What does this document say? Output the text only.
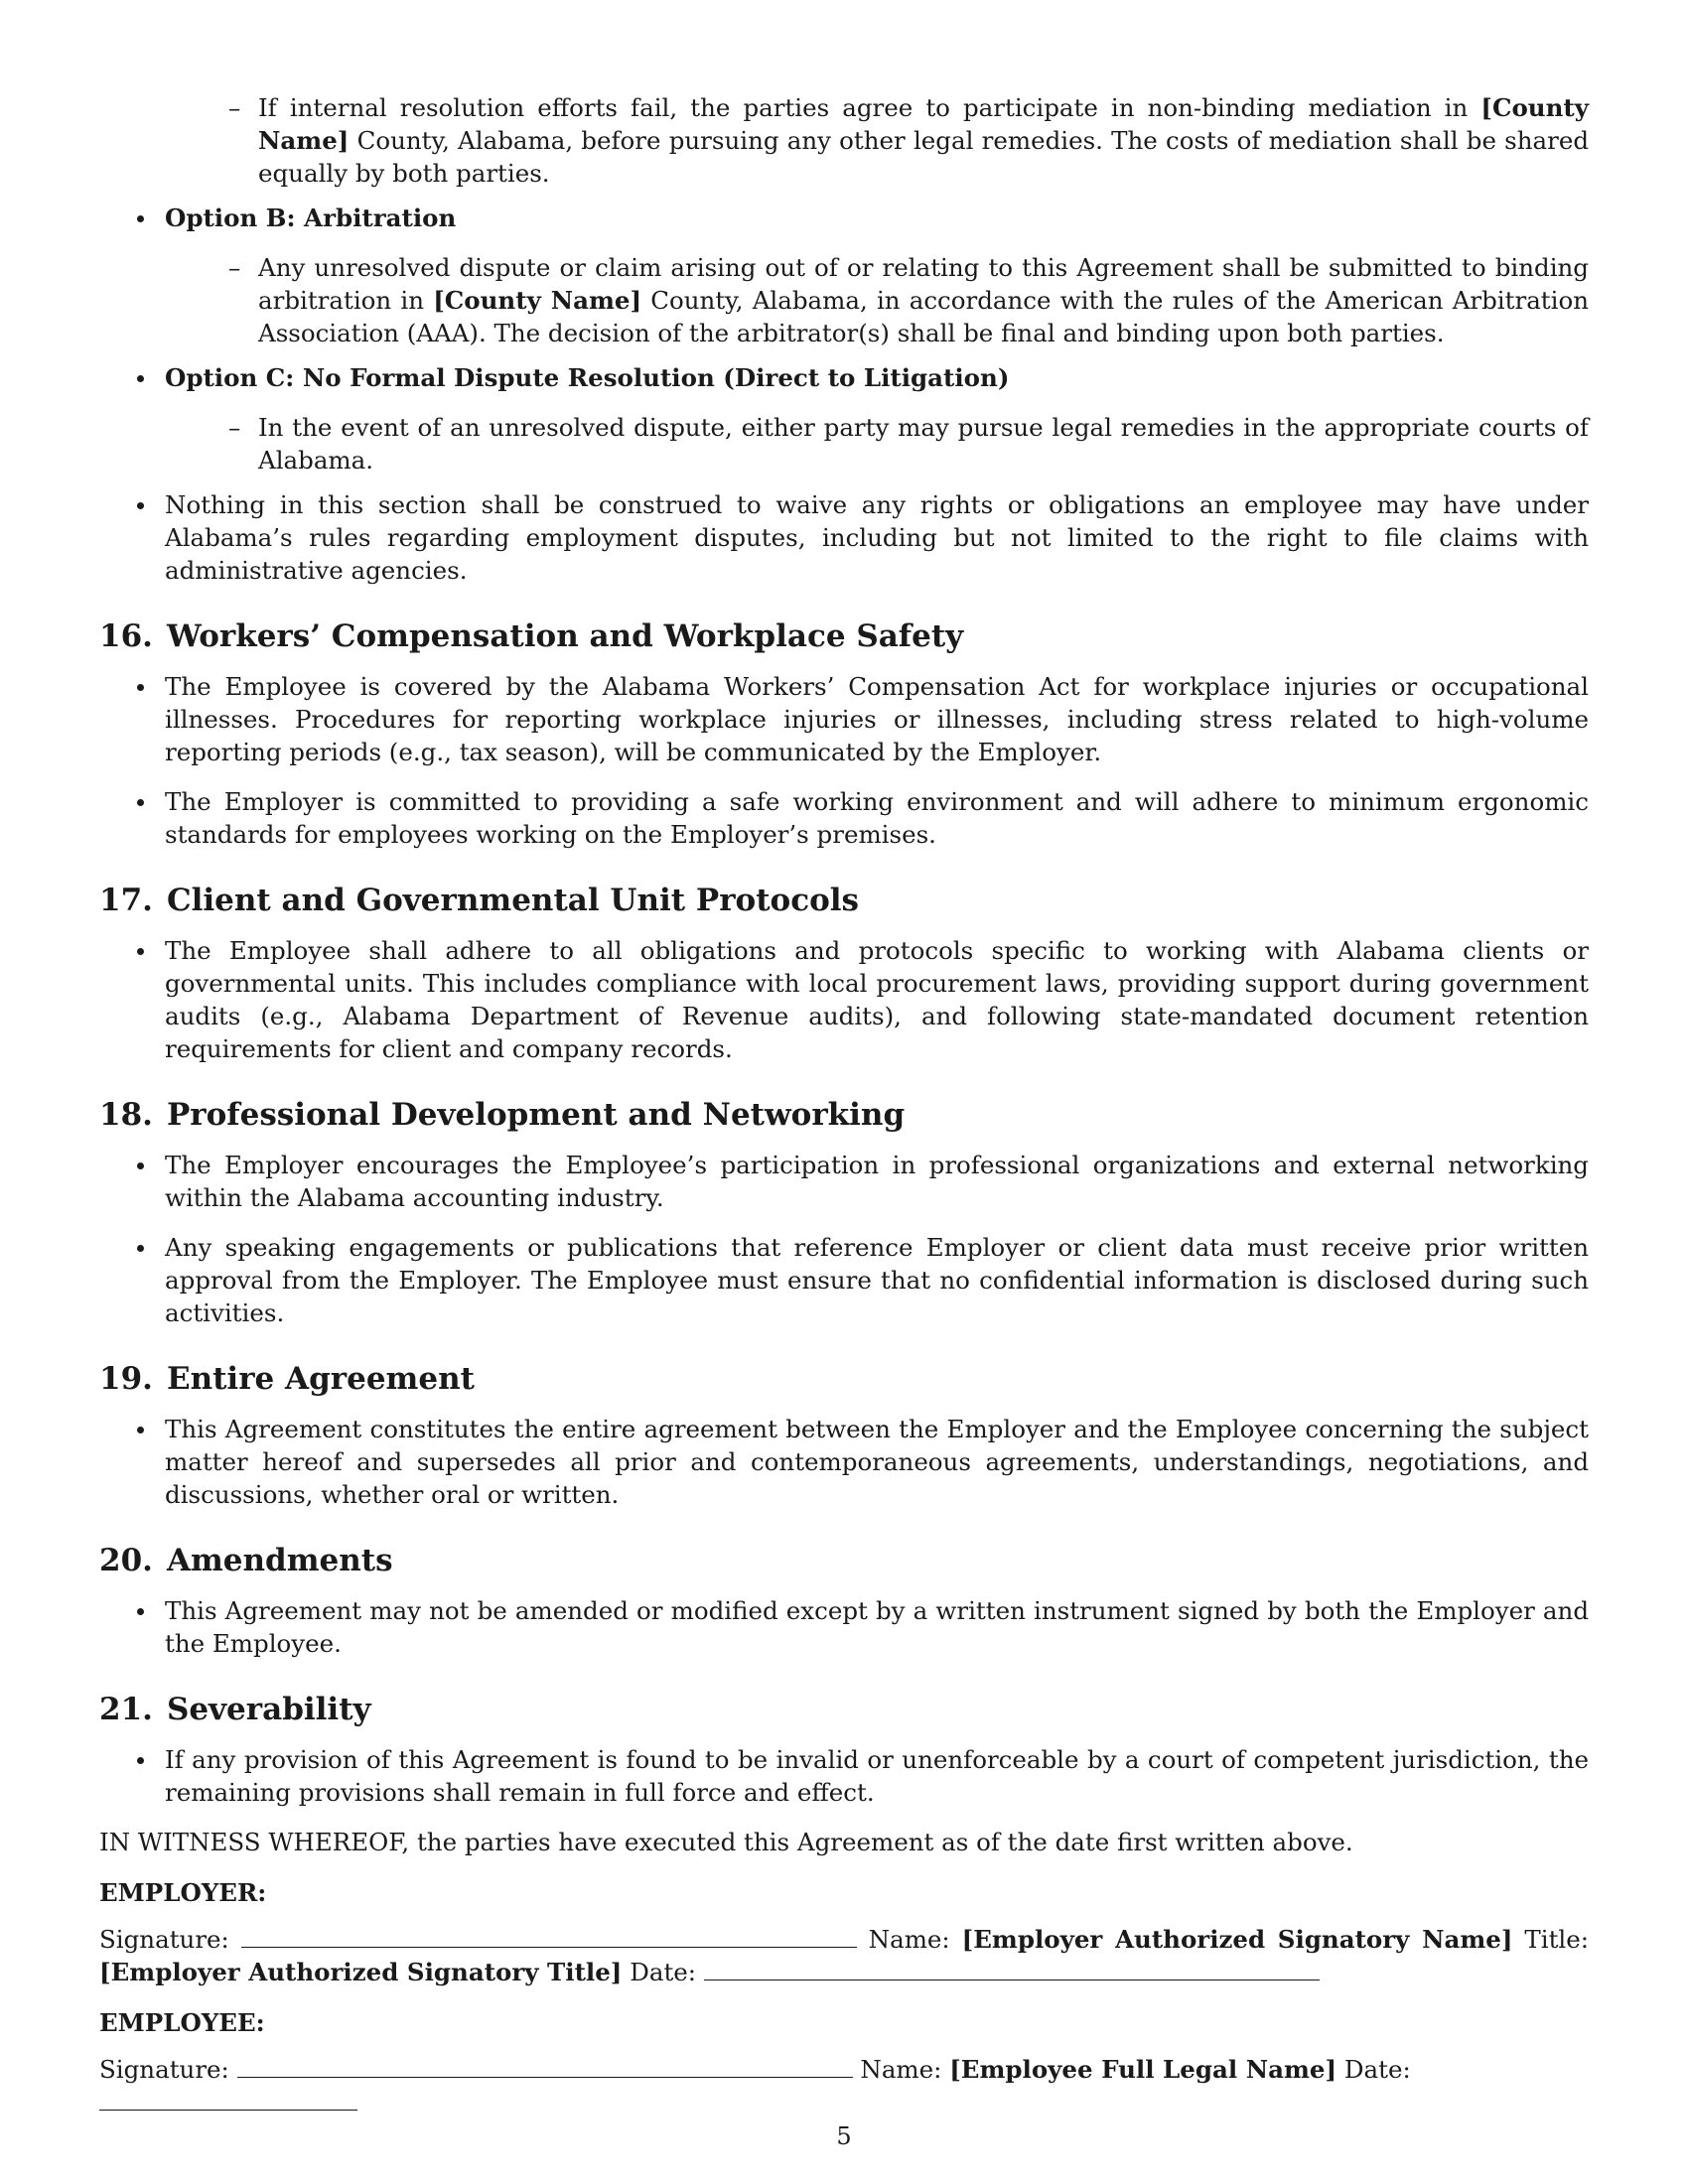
– If internal resolution efforts fail, the parties agree to participate in non-binding mediation in [County Name] County, Alabama, before pursuing any other legal remedies. The costs of mediation shall be shared equally by both parties.

Option B: Arbitration

– Any unresolved dispute or claim arising out of or relating to this Agreement shall be submitted to binding arbitration in [County Name] County, Alabama, in accordance with the rules of the American Arbitration Association (AAA). The decision of the arbitrator(s) shall be final and binding upon both parties.

Option C: No Formal Dispute Resolution (Direct to Litigation)

– In the event of an unresolved dispute, either party may pursue legal remedies in the appropriate courts of Alabama.

Nothing in this section shall be construed to waive any rights or obligations an employee may have under Alabama’s rules regarding employment disputes, including but not limited to the right to file claims with administrative agencies.

16. Workers’ Compensation and Workplace Safety

The Employee is covered by the Alabama Workers’ Compensation Act for workplace injuries or occupational illnesses. Procedures for reporting workplace injuries or illnesses, including stress related to high-volume reporting periods (e.g., tax season), will be communicated by the Employer.

The Employer is committed to providing a safe working environment and will adhere to minimum ergonomic standards for employees working on the Employer’s premises.

17. Client and Governmental Unit Protocols

The Employee shall adhere to all obligations and protocols specific to working with Alabama clients or governmental units. This includes compliance with local procurement laws, providing support during government audits (e.g., Alabama Department of Revenue audits), and following state-mandated document retention requirements for client and company records.

18. Professional Development and Networking

The Employer encourages the Employee’s participation in professional organizations and external networking within the Alabama accounting industry.

Any speaking engagements or publications that reference Employer or client data must receive prior written approval from the Employer. The Employee must ensure that no confidential information is disclosed during such activities.

19. Entire Agreement

This Agreement constitutes the entire agreement between the Employer and the Employee concerning the subject matter hereof and supersedes all prior and contemporaneous agreements, understandings, negotiations, and discussions, whether oral or written.

20. Amendments

This Agreement may not be amended or modified except by a written instrument signed by both the Employer and the Employee.

21. Severability

If any provision of this Agreement is found to be invalid or unenforceable by a court of competent jurisdiction, the remaining provisions shall remain in full force and effect.

IN WITNESS WHEREOF, the parties have executed this Agreement as of the date first written above.

EMPLOYER:

Signature:	Name: [Employer Authorized Signatory Name] Title: [Employer Authorized Signatory Title] Date:

EMPLOYEE:

Signature:	Name: [Employee Full Legal Name] Date:

5
